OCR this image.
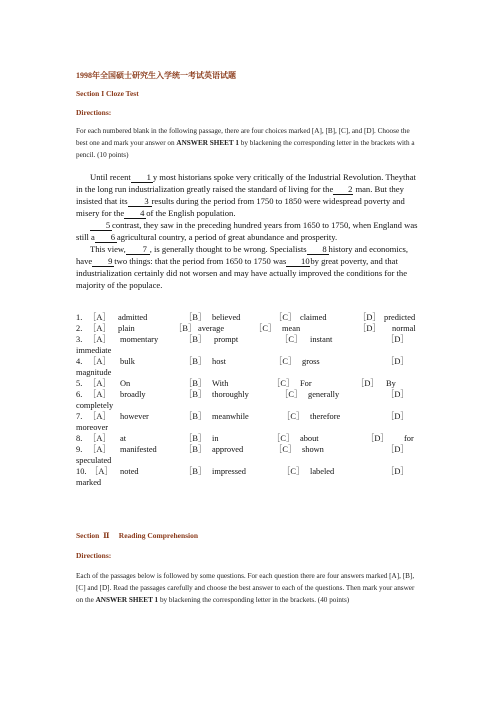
1998年全国硕士研究生入学统一考试英语试题
Section I Cloze Test
Directions:
For each numbered blank in the following passage, there are four choices marked [A], [B], [C], and [D]. Choose the best one and mark your answer on ANSWER SHEET 1 by blackening the corresponding letter in the brackets with a pencil. (10 points)

Until recent 1 y most historians spoke very critically of the Industrial Revolution. Theythat in the long run industrialization greatly raised the standard of living for the 2 man. But they insisted that its 3 results during the period from 1750 to 1850 were widespread poverty and misery for the 4 of the English population.
5 contrast, they saw in the preceding hundred years from 1650 to 1750, when England was still a 6 agricultural country, a period of great abundance and prosperity.

This view, 7 , is generally thought to be wrong. Specialists 8 history and economics, have 9 two things: that the period from 1650 to 1750 was 10by great poverty, and that industrialization certainly did not worsen and may have actually improved the conditions for the majority of the populace.

1. ［A］ admitted	［B］ believed	［C］ claimed	［D］ predicted
2. ［A］ plain	［B］ average	［C］ mean	［D］ normal
3. ［A］ momentary	［B］ prompt	［C］ instant	［D］
immediate
4. ［A］ bulk	［B］ host	［C］ gross	［D］
magnitude
5. ［A］ On	［B］ With	［C］ For	［D］ By
6. ［A］ broadly	［B］ thoroughly	［C］ generally	［D］
completely
7. ［A］ however	［B］ meanwhile	［C］ therefore	［D］
moreover
8. ［A］ at	［B］ in	［C］ about	［D］ for
9. ［A］ manifested	［B］ approved	［C］ shown	［D］
speculated
10. ［A］ noted	［B］ impressed	［C］ labeled	［D］
marked
Section Ⅱ Reading Comprehension
Directions:
Each of the passages below is followed by some questions. For each question there are four answers marked [A], [B], [C] and [D]. Read the passages carefully and choose the best answer to each of the questions. Then mark your answer on the ANSWER SHEET 1 by blackening the corresponding letter in the brackets. (40 points)
